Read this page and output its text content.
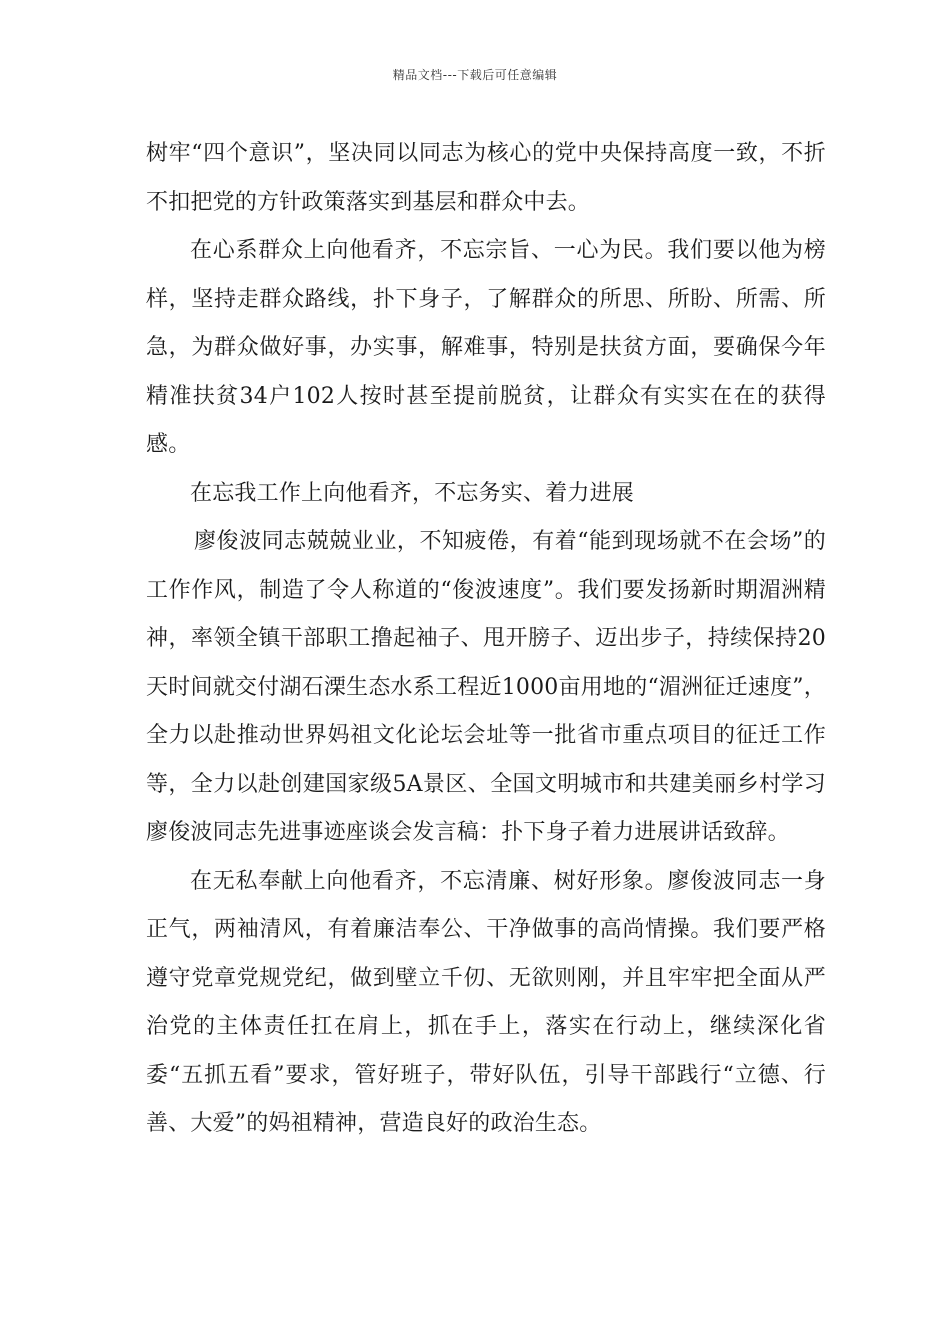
精品文档---下载后可任意编辑

树牢“四个意识”，坚决同以同志为核心的党中央保持高度一致，不折不扣把党的方针政策落实到基层和群众中去。

在心系群众上向他看齐，不忘宗旨、一心为民。我们要以他为榜样，坚持走群众路线，扑下身子，了解群众的所思、所盼、所需、所急，为群众做好事，办实事，解难事，特别是扶贫方面，要确保今年精准扶贫34户102人按时甚至提前脱贫，让群众有实实在在的获得感。

在忘我工作上向他看齐，不忘务实、着力进展

廖俊波同志兢兢业业，不知疲倦，有着“能到现场就不在会场”的工作作风，制造了令人称道的“俊波速度”。我们要发扬新时期湄洲精神，率领全镇干部职工撸起袖子、甩开膀子、迈出步子，持续保持20天时间就交付湖石溧生态水系工程近1000亩用地的“湄洲征迁速度”，全力以赴推动世界妈祖文化论坛会址等一批省市重点项目的征迁工作等，全力以赴创建国家级5A景区、全国文明城市和共建美丽乡村学习廖俊波同志先进事迹座谈会发言稿：扑下身子着力进展讲话致辞。

在无私奉献上向他看齐，不忘清廉、树好形象。廖俊波同志一身正气，两袖清风，有着廉洁奉公、干净做事的高尚情操。我们要严格遵守党章党规党纪，做到壁立千仞、无欲则刚，并且牢牢把全面从严治党的主体责任扛在肩上，抓在手上，落实在行动上，继续深化省委“五抓五看”要求，管好班子，带好队伍，引导干部践行“立德、行善、大爱”的妈祖精神，营造良好的政治生态。
